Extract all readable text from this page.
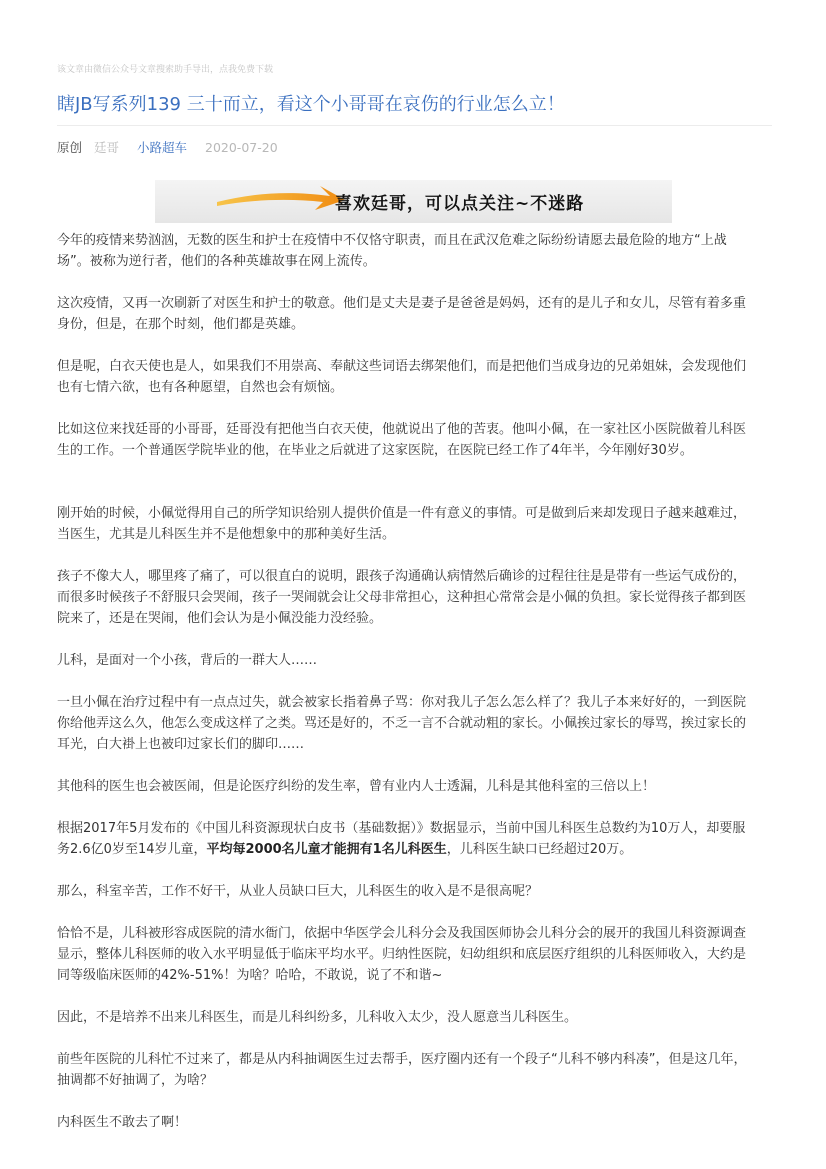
该文章由微信公众号文章搜索助手导出，点我免费下载
瞎JB写系列139 三十而立，看这个小哥哥在哀伤的行业怎么立！
原创 廷哥 小路超车 2020-07-20
喜欢廷哥，可以点关注~不迷路

今年的疫情来势汹汹，无数的医生和护士在疫情中不仅恪守职责，而且在武汉危难之际纷纷请愿去最危险的地方“上战

场”。被称为逆行者，他们的各种英雄故事在网上流传。

这次疫情，又再一次刷新了对医生和护士的敬意。他们是丈夫是妻子是爸爸是妈妈，还有的是儿子和女儿，尽管有着多重

身份，但是，在那个时刻，他们都是英雄。

但是呢，白衣天使也是人，如果我们不用崇高、奉献这些词语去绑架他们，而是把他们当成身边的兄弟姐妹，会发现他们

也有七情六欲，也有各种愿望，自然也会有烦恼。

比如这位来找廷哥的小哥哥，廷哥没有把他当白衣天使，他就说出了他的苦衷。他叫小佩，在一家社区小医院做着儿科医

生的工作。一个普通医学院毕业的他，在毕业之后就进了这家医院，在医院已经工作了4年半，今年刚好30岁。

刚开始的时候，小佩觉得用自己的所学知识给别人提供价值是一件有意义的事情。可是做到后来却发现日子越来越难过，

当医生，尤其是儿科医生并不是他想象中的那种美好生活。

孩子不像大人，哪里疼了痛了，可以很直白的说明，跟孩子沟通确认病情然后确诊的过程往往是是带有一些运气成份的，

而很多时候孩子不舒服只会哭闹，孩子一哭闹就会让父母非常担心，这种担心常常会是小佩的负担。家长觉得孩子都到医

院来了，还是在哭闹，他们会认为是小佩没能力没经验。

儿科，是面对一个小孩，背后的一群大人……

一旦小佩在治疗过程中有一点点过失，就会被家长指着鼻子骂：你对我儿子怎么怎么样了？我儿子本来好好的，一到医院

你给他弄这么久，他怎么变成这样了之类。骂还是好的，不乏一言不合就动粗的家长。小佩挨过家长的辱骂，挨过家长的

耳光，白大褂上也被印过家长们的脚印……

其他科的医生也会被医闹，但是论医疗纠纷的发生率，曾有业内人士透漏，儿科是其他科室的三倍以上！

根据2017年5月发布的《中国儿科资源现状白皮书（基础数据）》数据显示，当前中国儿科医生总数约为10万人，却要服

务2.6亿0岁至14岁儿童，平均每2000名儿童才能拥有1名儿科医生，儿科医生缺口已经超过20万。

那么，科室辛苦，工作不好干，从业人员缺口巨大，儿科医生的收入是不是很高呢？

恰恰不是，儿科被形容成医院的清水衙门，依据中华医学会儿科分会及我国医师协会儿科分会的展开的我国儿科资源调查

显示，整体儿科医师的收入水平明显低于临床平均水平。归纳性医院，妇幼组织和底层医疗组织的儿科医师收入，大约是

同等级临床医师的42%-51%！为啥？哈哈，不敢说，说了不和谐~

因此，不是培养不出来儿科医生，而是儿科纠纷多，儿科收入太少，没人愿意当儿科医生。

前些年医院的儿科忙不过来了，都是从内科抽调医生过去帮手，医疗圈内还有一个段子“儿科不够内科凑”，但是这几年，

抽调都不好抽调了，为啥？

内科医生不敢去了啊！
